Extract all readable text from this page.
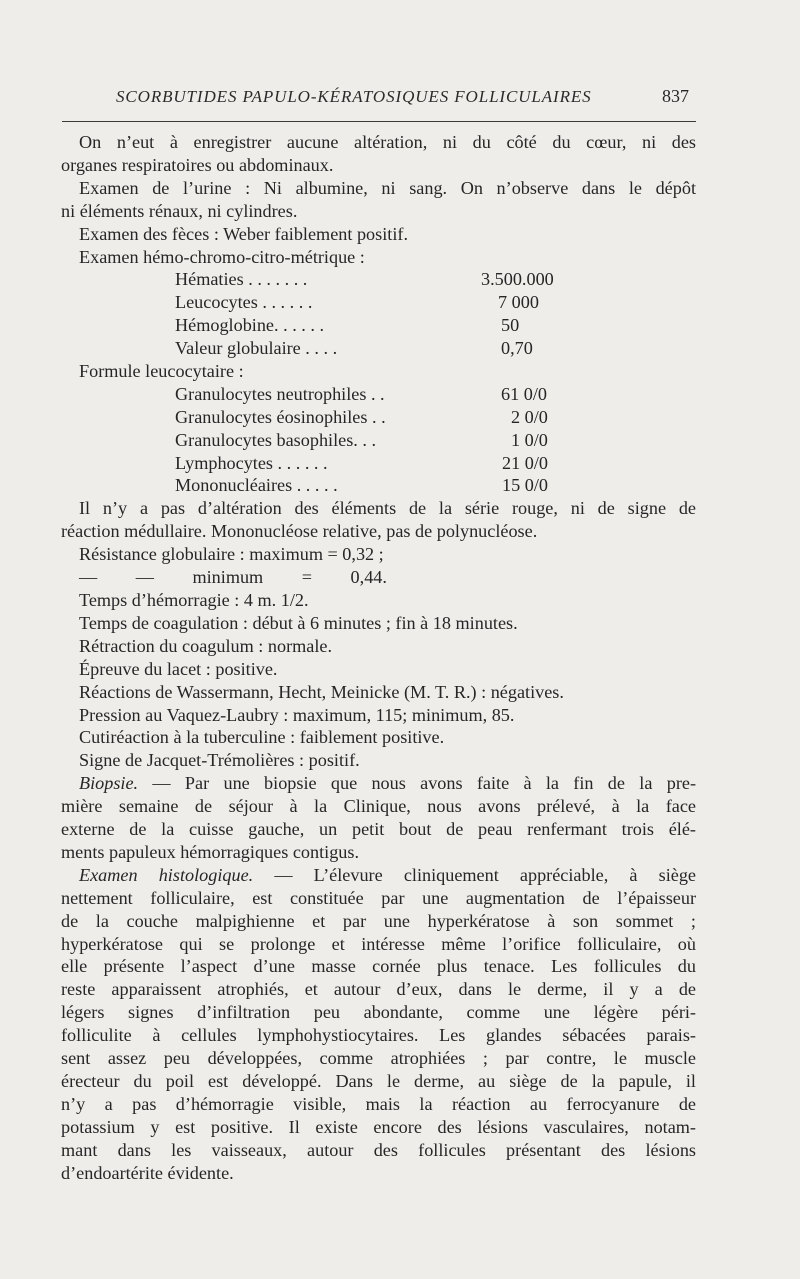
SCORBUTIDES PAPULO-KÉRATOSIQUES FOLLICULAIRES	837
On n’eut à enregistrer aucune altération, ni du côté du cœur, ni des
organes respiratoires ou abdominaux.
Examen de l’urine : Ni albumine, ni sang. On n’observe dans le dépôt
ni éléments rénaux, ni cylindres.
Examen des fèces : Weber faiblement positif.
Examen hémo-chromo-citro-métrique :
Hématies . . . . . . .	3.500.000
Leucocytes . . . . . .	7 000
Hémoglobine. . . . . .	50
Valeur globulaire . . . .	0,70
Formule leucocytaire :
Granulocytes neutrophiles . .	61 0/0
Granulocytes éosinophiles . .	2 0/0
Granulocytes basophiles. . .	1 0/0
Lymphocytes . . . . . .	21 0/0
Mononucléaires . . . . .	15 0/0
Il n’y a pas d’altération des éléments de la série rouge, ni de signe de
réaction médullaire. Mononucléose relative, pas de polynucléose.
Résistance globulaire : maximum = 0,32 ;
— — minimum = 0,44.
Temps d’hémorragie : 4 m. 1/2.
Temps de coagulation : début à 6 minutes ; fin à 18 minutes.
Rétraction du coagulum : normale.
Épreuve du lacet : positive.
Réactions de Wassermann, Hecht, Meinicke (M. T. R.) : négatives.
Pression au Vaquez-Laubry : maximum, 115; minimum, 85.
Cutiréaction à la tuberculine : faiblement positive.
Signe de Jacquet-Trémolières : positif.
Biopsie. — Par une biopsie que nous avons faite à la fin de la pre-
mière semaine de séjour à la Clinique, nous avons prélevé, à la face
externe de la cuisse gauche, un petit bout de peau renfermant trois élé-
ments papuleux hémorragiques contigus.
Examen histologique. — L’élevure cliniquement appréciable, à siège
nettement folliculaire, est constituée par une augmentation de l’épaisseur
de la couche malpighienne et par une hyperkératose à son sommet ;
hyperkératose qui se prolonge et intéresse même l’orifice folliculaire, où
elle présente l’aspect d’une masse cornée plus tenace. Les follicules du
reste apparaissent atrophiés, et autour d’eux, dans le derme, il y a de
légers signes d’infiltration peu abondante, comme une légère péri-
folliculite à cellules lymphohystiocytaires. Les glandes sébacées parais-
sent assez peu développées, comme atrophiées ; par contre, le muscle
érecteur du poil est développé. Dans le derme, au siège de la papule, il
n’y a pas d’hémorragie visible, mais la réaction au ferrocyanure de
potassium y est positive. Il existe encore des lésions vasculaires, notam-
mant dans les vaisseaux, autour des follicules présentant des lésions
d’endoartérite évidente.
